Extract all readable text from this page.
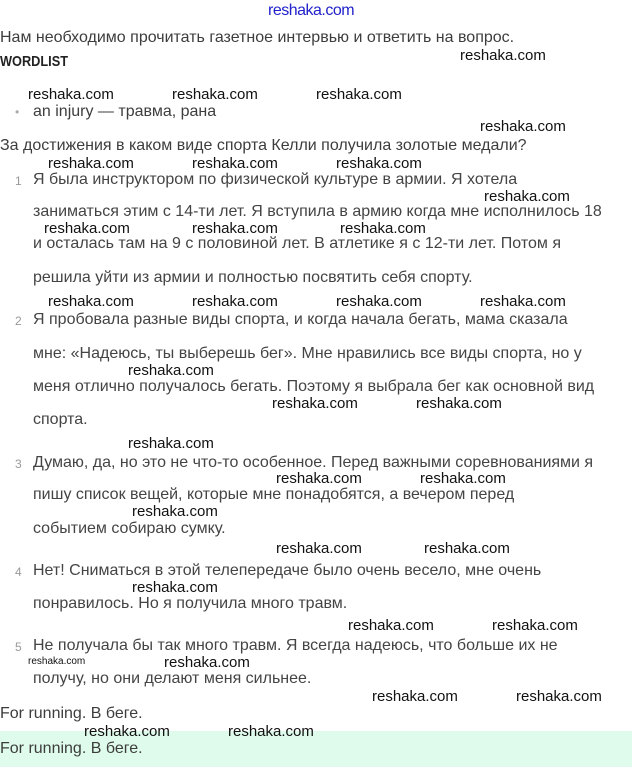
reshaka.com
Нам необходимо прочитать газетное интервью и ответить на вопрос.
WORDLIST
• an injury — травма, рана
За достижения в каком виде спорта Келли получила золотые медали?
1 Я была инструктором по физической культуре в армии. Я хотела
заниматься этим с 14-ти лет. Я вступила в армию когда мне исполнилось 18
и осталась там на 9 с половиной лет. В атлетике я с 12-ти лет. Потом я
решила уйти из армии и полностью посвятить себя спорту.
2 Я пробовала разные виды спорта, и когда начала бегать, мама сказала
мне: «Надеюсь, ты выберешь бег». Мне нравились все виды спорта, но у
меня отлично получалось бегать. Поэтому я выбрала бег как основной вид
спорта.
3 Думаю, да, но это не что-то особенное. Перед важными соревнованиями я
пишу список вещей, которые мне понадобятся, а вечером перед
событием собираю сумку.
4 Нет! Сниматься в этой телепередаче было очень весело, мне очень
понравилось. Но я получила много травм.
5 Не получала бы так много травм. Я всегда надеюсь, что больше их не
получу, но они делают меня сильнее.
For running. В беге.
For running. В беге.
reshaka.com
reshaka.com	reshaka.com	reshaka.com
reshaka.com
reshaka.com	reshaka.com	reshaka.com
reshaka.com
reshaka.com	reshaka.com	reshaka.com
reshaka.com	reshaka.com	reshaka.com	reshaka.com
reshaka.com
reshaka.com	reshaka.com
reshaka.com
reshaka.com	reshaka.com
reshaka.com
reshaka.com	reshaka.com
reshaka.com
reshaka.com	reshaka.com
reshaka.com
reshaka.com	reshaka.com
reshaka.com	reshaka.com
reshaka.com
